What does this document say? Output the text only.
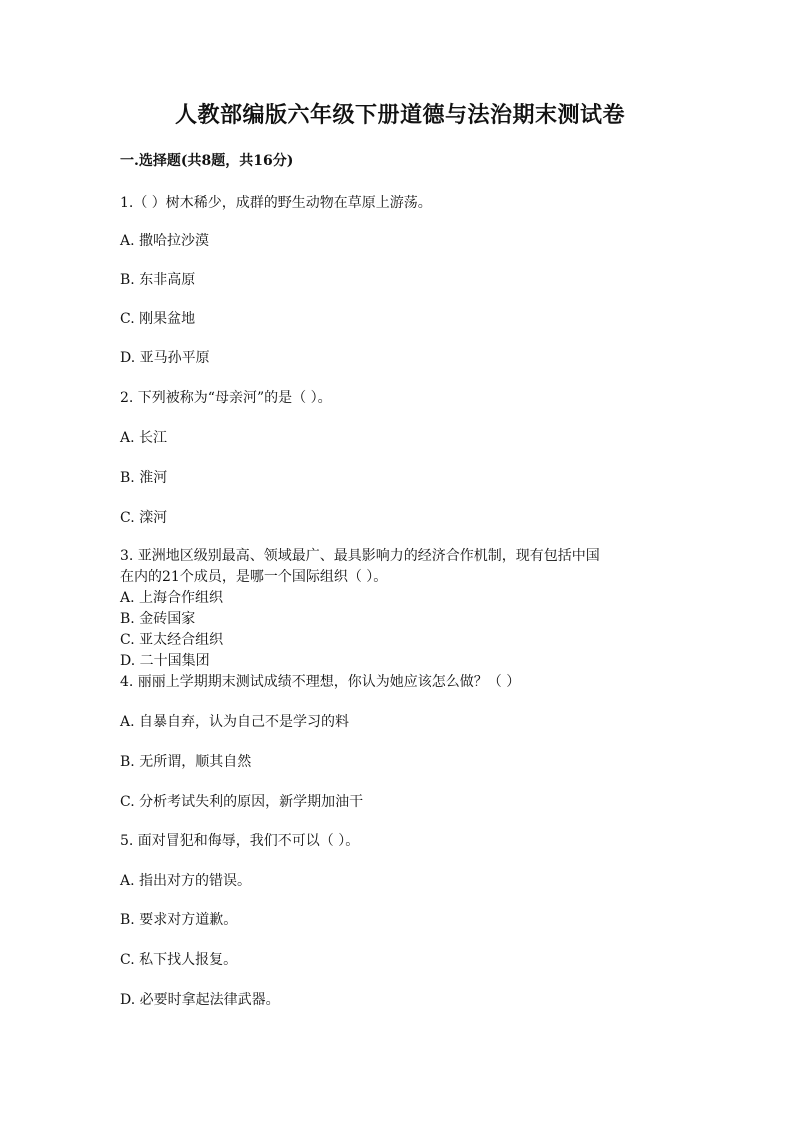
人教部编版六年级下册道德与法治期末测试卷
一.选择题(共8题，共16分)
1.（ ）树木稀少，成群的野生动物在草原上游荡。
A. 撒哈拉沙漠
B. 东非高原
C. 刚果盆地
D. 亚马孙平原
2. 下列被称为“母亲河”的是（ ）。
A. 长江
B. 淮河
C. 滦河
3. 亚洲地区级别最高、领域最广、最具影响力的经济合作机制，现有包括中国
在内的21个成员，是哪一个国际组织（ ）。
A. 上海合作组织
B. 金砖国家
C. 亚太经合组织
D. 二十国集团
4. 丽丽上学期期末测试成绩不理想，你认为她应该怎么做？（ ）
A. 自暴自弃，认为自己不是学习的料
B. 无所谓，顺其自然
C. 分析考试失利的原因，新学期加油干
5. 面对冒犯和侮辱，我们不可以（ ）。
A. 指出对方的错误。
B. 要求对方道歉。
C. 私下找人报复。
D. 必要时拿起法律武器。
